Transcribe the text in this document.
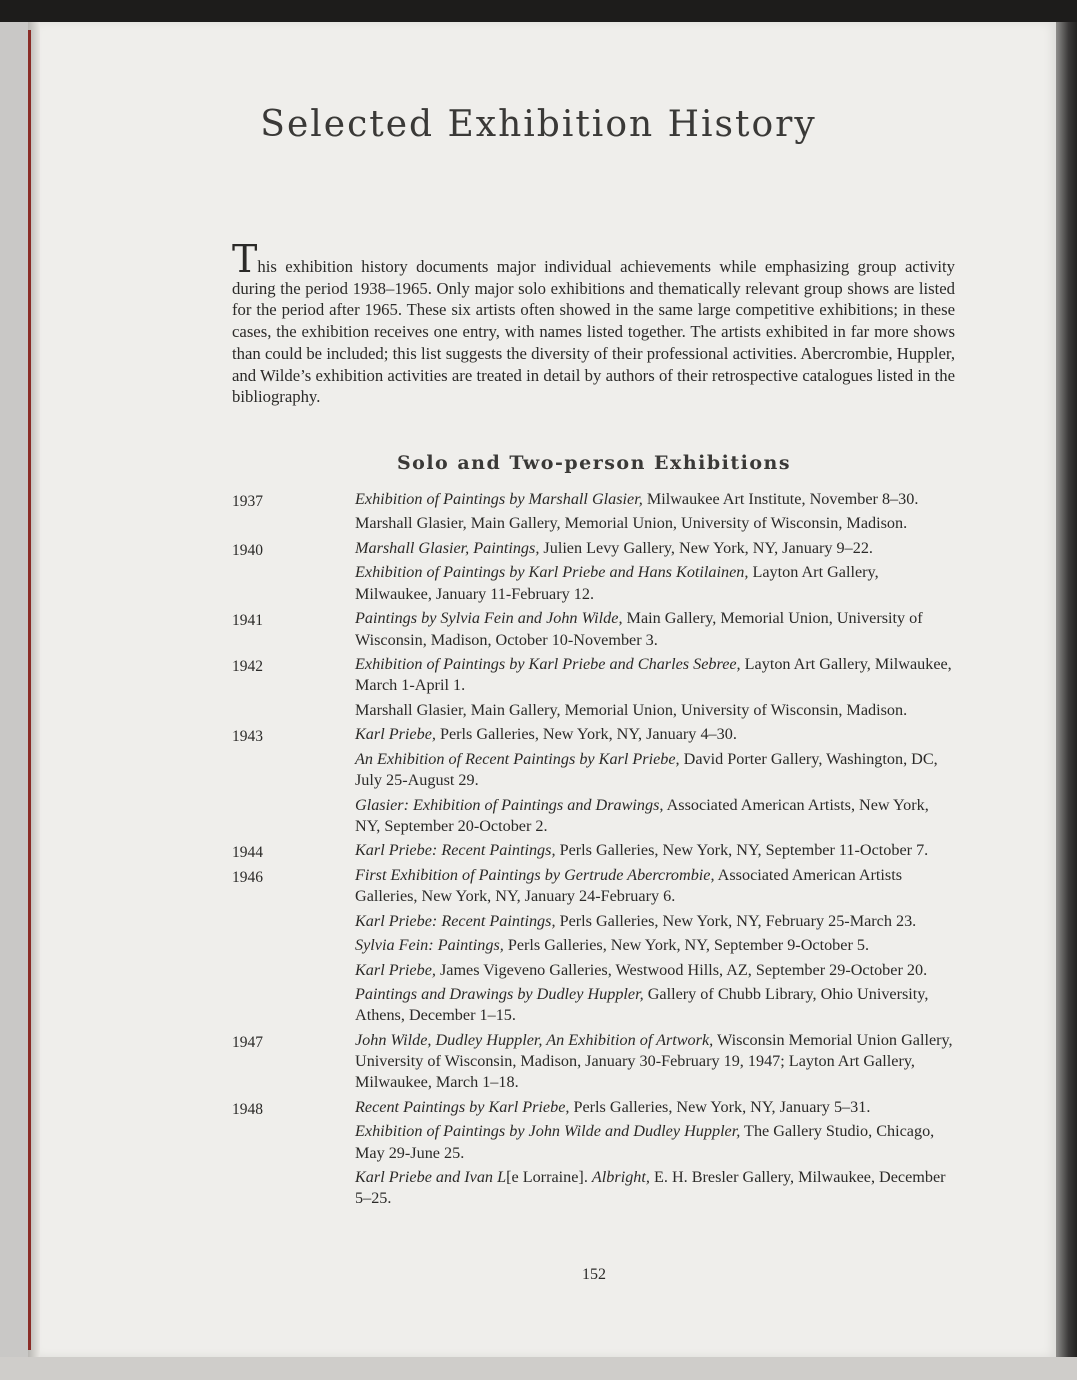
Selected Exhibition History

This exhibition history documents major individual achievements while emphasizing group activity during the period 1938–1965. Only major solo exhibitions and thematically relevant group shows are listed for the period after 1965. These six artists often showed in the same large competitive exhibitions; in these cases, the exhibition receives one entry, with names listed together. The artists exhibited in far more shows than could be included; this list suggests the diversity of their professional activities. Abercrombie, Huppler, and Wilde’s exhibition activities are treated in detail by authors of their retrospective catalogues listed in the bibliography.

Solo and Two-person Exhibitions
1937	Exhibition of Paintings by Marshall Glasier, Milwaukee Art Institute, November 8–30.

Marshall Glasier, Main Gallery, Memorial Union, University of Wisconsin, Madison.

1940	Marshall Glasier, Paintings, Julien Levy Gallery, New York, NY, January 9–22.

Exhibition of Paintings by Karl Priebe and Hans Kotilainen, Layton Art Gallery, Milwaukee, January 11-February 12.

1941	Paintings by Sylvia Fein and John Wilde, Main Gallery, Memorial Union, University of Wisconsin, Madison, October 10-November 3.

1942	Exhibition of Paintings by Karl Priebe and Charles Sebree, Layton Art Gallery, Milwaukee, March 1-April 1.

Marshall Glasier, Main Gallery, Memorial Union, University of Wisconsin, Madison.

1943	Karl Priebe, Perls Galleries, New York, NY, January 4–30.

An Exhibition of Recent Paintings by Karl Priebe, David Porter Gallery, Washington, DC, July 25-August 29.

Glasier: Exhibition of Paintings and Drawings, Associated American Artists, New York, NY, September 20-October 2.

1944	Karl Priebe: Recent Paintings, Perls Galleries, New York, NY, September 11-October 7.

1946	First Exhibition of Paintings by Gertrude Abercrombie, Associated American Artists Galleries, New York, NY, January 24-February 6.

Karl Priebe: Recent Paintings, Perls Galleries, New York, NY, February 25-March 23.

Sylvia Fein: Paintings, Perls Galleries, New York, NY, September 9-October 5.

Karl Priebe, James Vigeveno Galleries, Westwood Hills, AZ, September 29-October 20.

Paintings and Drawings by Dudley Huppler, Gallery of Chubb Library, Ohio University, Athens, December 1–15.

1947	John Wilde, Dudley Huppler, An Exhibition of Artwork, Wisconsin Memorial Union Gallery, University of Wisconsin, Madison, January 30-February 19, 1947; Layton Art Gallery, Milwaukee, March 1–18.

1948	Recent Paintings by Karl Priebe, Perls Galleries, New York, NY, January 5–31.

Exhibition of Paintings by John Wilde and Dudley Huppler, The Gallery Studio, Chicago, May 29-June 25.

Karl Priebe and Ivan L[e Lorraine]. Albright, E. H. Bresler Gallery, Milwaukee, December 5–25.

152
